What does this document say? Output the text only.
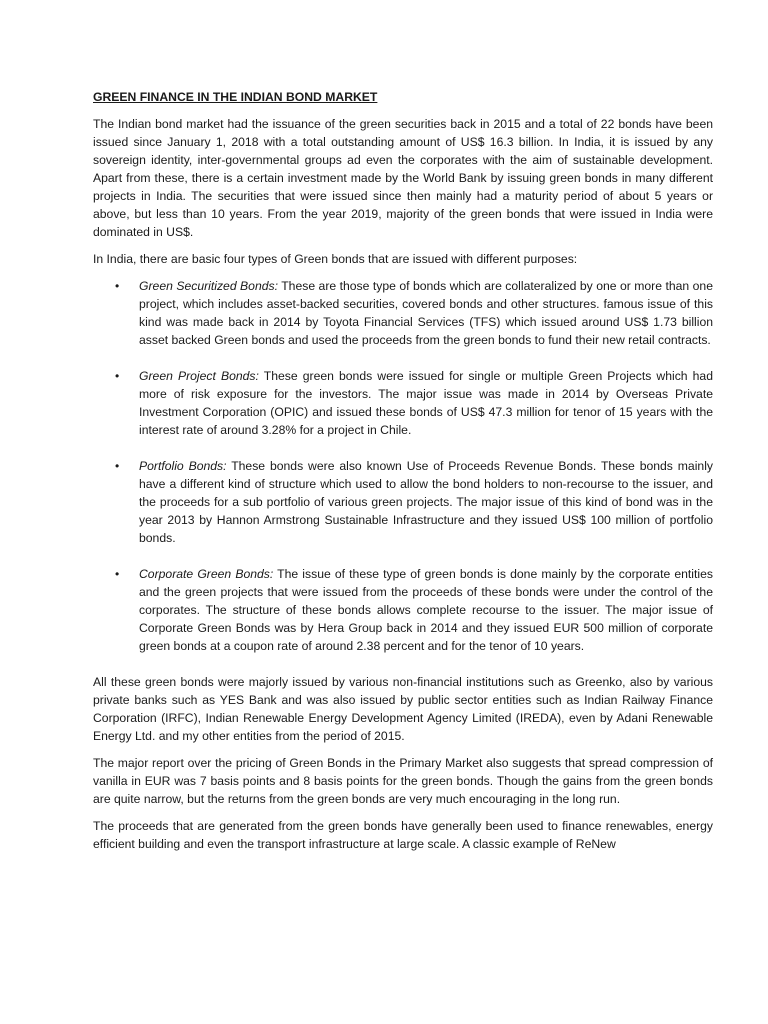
GREEN FINANCE IN THE INDIAN BOND MARKET

The Indian bond market had the issuance of the green securities back in 2015 and a total of 22 bonds have been issued since January 1, 2018 with a total outstanding amount of US$ 16.3 billion. In India, it is issued by any sovereign identity, inter-governmental groups ad even the corporates with the aim of sustainable development. Apart from these, there is a certain investment made by the World Bank by issuing green bonds in many different projects in India. The securities that were issued since then mainly had a maturity period of about 5 years or above, but less than 10 years. From the year 2019, majority of the green bonds that were issued in India were dominated in US$.

In India, there are basic four types of Green bonds that are issued with different purposes:

• Green Securitized Bonds: These are those type of bonds which are collateralized by one or more than one project, which includes asset-backed securities, covered bonds and other structures. famous issue of this kind was made back in 2014 by Toyota Financial Services (TFS) which issued around US$ 1.73 billion asset backed Green bonds and used the proceeds from the green bonds to fund their new retail contracts.
• Green Project Bonds: These green bonds were issued for single or multiple Green Projects which had more of risk exposure for the investors. The major issue was made in 2014 by Overseas Private Investment Corporation (OPIC) and issued these bonds of US$ 47.3 million for tenor of 15 years with the interest rate of around 3.28% for a project in Chile.
• Portfolio Bonds: These bonds were also known Use of Proceeds Revenue Bonds. These bonds mainly have a different kind of structure which used to allow the bond holders to non-recourse to the issuer, and the proceeds for a sub portfolio of various green projects. The major issue of this kind of bond was in the year 2013 by Hannon Armstrong Sustainable Infrastructure and they issued US$ 100 million of portfolio bonds.
• Corporate Green Bonds: The issue of these type of green bonds is done mainly by the corporate entities and the green projects that were issued from the proceeds of these bonds were under the control of the corporates. The structure of these bonds allows complete recourse to the issuer. The major issue of Corporate Green Bonds was by Hera Group back in 2014 and they issued EUR 500 million of corporate green bonds at a coupon rate of around 2.38 percent and for the tenor of 10 years.

All these green bonds were majorly issued by various non-financial institutions such as Greenko, also by various private banks such as YES Bank and was also issued by public sector entities such as Indian Railway Finance Corporation (IRFC), Indian Renewable Energy Development Agency Limited (IREDA), even by Adani Renewable Energy Ltd. and my other entities from the period of 2015.

The major report over the pricing of Green Bonds in the Primary Market also suggests that spread compression of vanilla in EUR was 7 basis points and 8 basis points for the green bonds. Though the gains from the green bonds are quite narrow, but the returns from the green bonds are very much encouraging in the long run.

The proceeds that are generated from the green bonds have generally been used to finance renewables, energy efficient building and even the transport infrastructure at large scale. A classic example of ReNew
